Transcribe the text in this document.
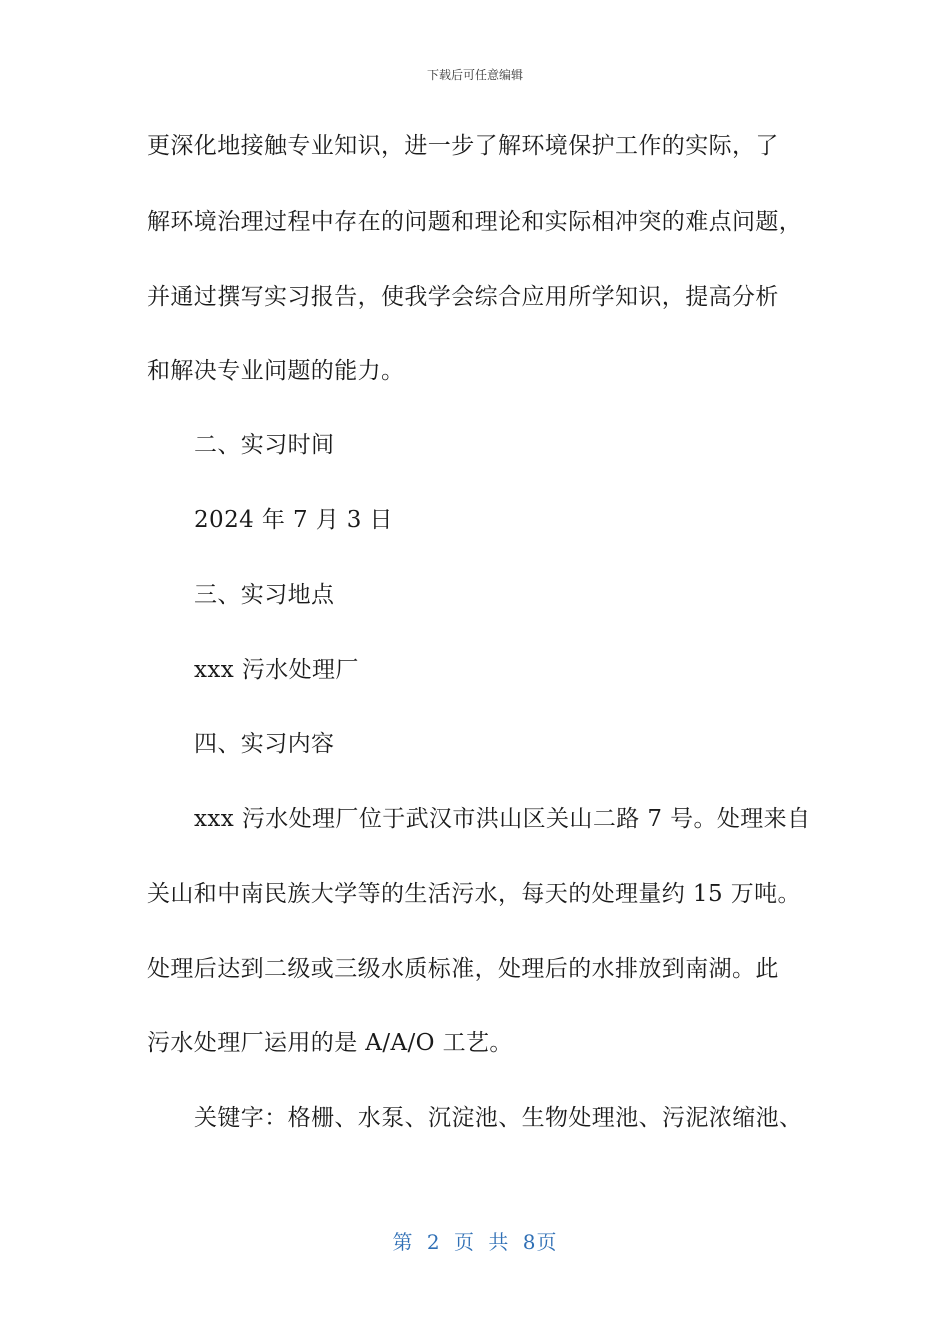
下载后可任意编辑
更深化地接触专业知识，进一步了解环境保护工作的实际，了
解环境治理过程中存在的问题和理论和实际相冲突的难点问题，
并通过撰写实习报告，使我学会综合应用所学知识，提高分析
和解决专业问题的能力。
二、实习时间
2024 年 7 月 3 日
三、实习地点
xxx 污水处理厂
四、实习内容
xxx 污水处理厂位于武汉市洪山区关山二路 7 号。处理来自
关山和中南民族大学等的生活污水，每天的处理量约 15 万吨。
处理后达到二级或三级水质标准，处理后的水排放到南湖。此
污水处理厂运用的是 A/A/O 工艺。
关键字：格栅、水泵、沉淀池、生物处理池、污泥浓缩池、
第 2 页 共 8页
